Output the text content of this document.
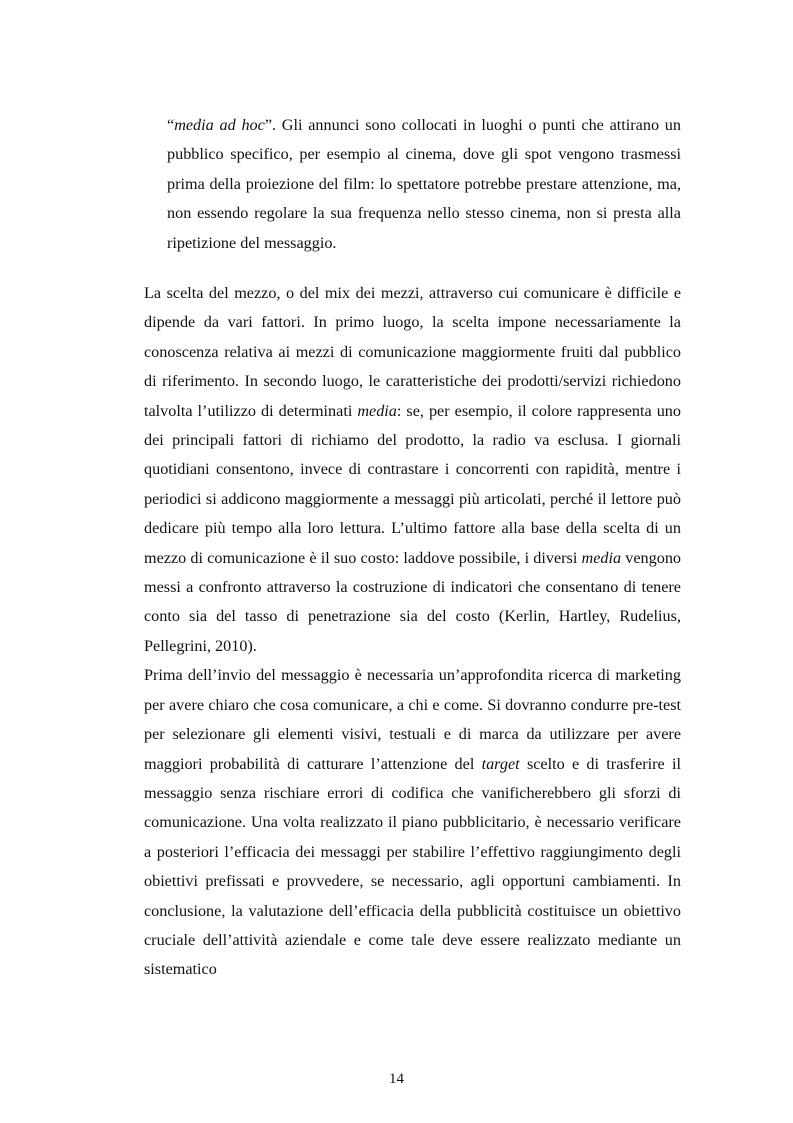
“media ad hoc”. Gli annunci sono collocati in luoghi o punti che attirano un pubblico specifico, per esempio al cinema, dove gli spot vengono trasmessi prima della proiezione del film: lo spettatore potrebbe prestare attenzione, ma, non essendo regolare la sua frequenza nello stesso cinema, non si presta alla ripetizione del messaggio.

La scelta del mezzo, o del mix dei mezzi, attraverso cui comunicare è difficile e dipende da vari fattori. In primo luogo, la scelta impone necessariamente la conoscenza relativa ai mezzi di comunicazione maggiormente fruiti dal pubblico di riferimento. In secondo luogo, le caratteristiche dei prodotti/servizi richiedono talvolta l’utilizzo di determinati media: se, per esempio, il colore rappresenta uno dei principali fattori di richiamo del prodotto, la radio va esclusa. I giornali quotidiani consentono, invece di contrastare i concorrenti con rapidità, mentre i periodici si addicono maggiormente a messaggi più articolati, perché il lettore può dedicare più tempo alla loro lettura. L’ultimo fattore alla base della scelta di un mezzo di comunicazione è il suo costo: laddove possibile, i diversi media vengono messi a confronto attraverso la costruzione di indicatori che consentano di tenere conto sia del tasso di penetrazione sia del costo (Kerlin, Hartley, Rudelius, Pellegrini, 2010).

Prima dell’invio del messaggio è necessaria un’approfondita ricerca di marketing per avere chiaro che cosa comunicare, a chi e come. Si dovranno condurre pre-test per selezionare gli elementi visivi, testuali e di marca da utilizzare per avere maggiori probabilità di catturare l’attenzione del target scelto e di trasferire il messaggio senza rischiare errori di codifica che vanificherebbero gli sforzi di comunicazione. Una volta realizzato il piano pubblicitario, è necessario verificare a posteriori l’efficacia dei messaggi per stabilire l’effettivo raggiungimento degli obiettivi prefissati e provvedere, se necessario, agli opportuni cambiamenti. In conclusione, la valutazione dell’efficacia della pubblicità costituisce un obiettivo cruciale dell’attività aziendale e come tale deve essere realizzato mediante un sistematico

14
